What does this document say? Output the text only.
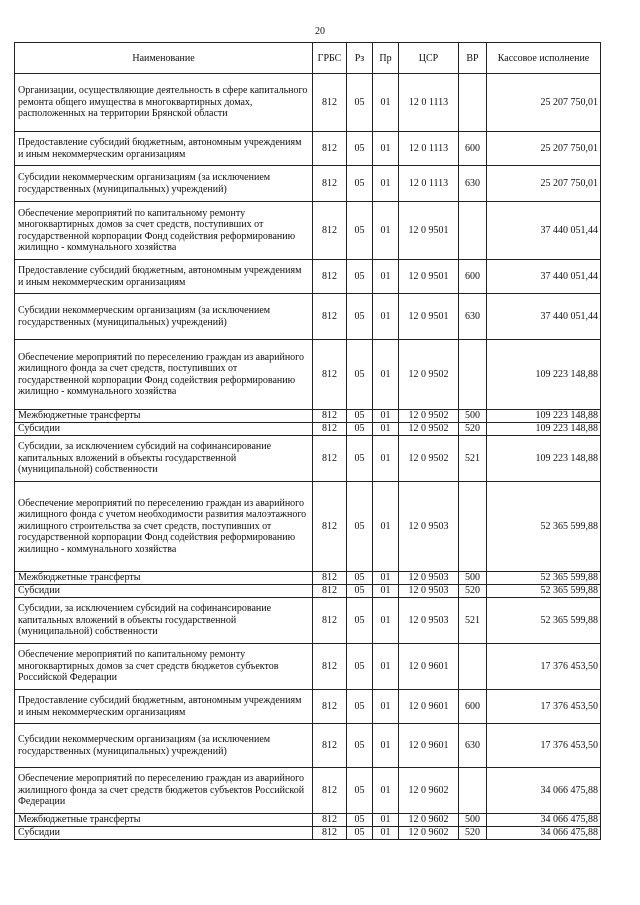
20
Наименование	ГРБС	Рз	Пр	ЦСР	ВР	Кассовое исполнение
Организации, осуществляющие деятельность в сфере капитального ремонта общего имущества в многоквартирных домах, расположенных на территории Брянской области	812	05	01	12 0 1113		25 207 750,01
Предоставление субсидий бюджетным, автономным учреждениям и иным некоммерческим организациям	812	05	01	12 0 1113	600	25 207 750,01
Субсидии некоммерческим организациям (за исключением государственных (муниципальных) учреждений)	812	05	01	12 0 1113	630	25 207 750,01
Обеспечение мероприятий по капитальному ремонту многоквартирных домов за счет средств, поступивших от государственной корпорации Фонд содействия реформированию жилищно - коммунального хозяйства	812	05	01	12 0 9501		37 440 051,44
Предоставление субсидий бюджетным, автономным учреждениям и иным некоммерческим организациям	812	05	01	12 0 9501	600	37 440 051,44
Субсидии некоммерческим организациям (за исключением государственных (муниципальных) учреждений)	812	05	01	12 0 9501	630	37 440 051,44
Обеспечение мероприятий по переселению граждан из аварийного жилищного фонда за счет средств, поступивших от государственной корпорации Фонд содействия реформированию жилищно - коммунального хозяйства	812	05	01	12 0 9502		109 223 148,88
Межбюджетные трансферты	812	05	01	12 0 9502	500	109 223 148,88
Субсидии	812	05	01	12 0 9502	520	109 223 148,88
Субсидии, за исключением субсидий на софинансирование капитальных вложений в объекты государственной (муниципальной) собственности	812	05	01	12 0 9502	521	109 223 148,88
Обеспечение мероприятий по переселению граждан из аварийного жилищного фонда с учетом необходимости развития малоэтажного жилищного строительства за счет средств, поступивших от государственной корпорации Фонд содействия реформированию жилищно - коммунального хозяйства	812	05	01	12 0 9503		52 365 599,88
Межбюджетные трансферты	812	05	01	12 0 9503	500	52 365 599,88
Субсидии	812	05	01	12 0 9503	520	52 365 599,88
Субсидии, за исключением субсидий на софинансирование капитальных вложений в объекты государственной (муниципальной) собственности	812	05	01	12 0 9503	521	52 365 599,88
Обеспечение мероприятий по капитальному ремонту многоквартирных домов за счет средств бюджетов субъектов Российской Федерации	812	05	01	12 0 9601		17 376 453,50
Предоставление субсидий бюджетным, автономным учреждениям и иным некоммерческим организациям	812	05	01	12 0 9601	600	17 376 453,50
Субсидии некоммерческим организациям (за исключением государственных (муниципальных) учреждений)	812	05	01	12 0 9601	630	17 376 453,50
Обеспечение мероприятий по переселению граждан из аварийного жилищного фонда за счет средств бюджетов субъектов Российской Федерации	812	05	01	12 0 9602		34 066 475,88
Межбюджетные трансферты	812	05	01	12 0 9602	500	34 066 475,88
Субсидии	812	05	01	12 0 9602	520	34 066 475,88
